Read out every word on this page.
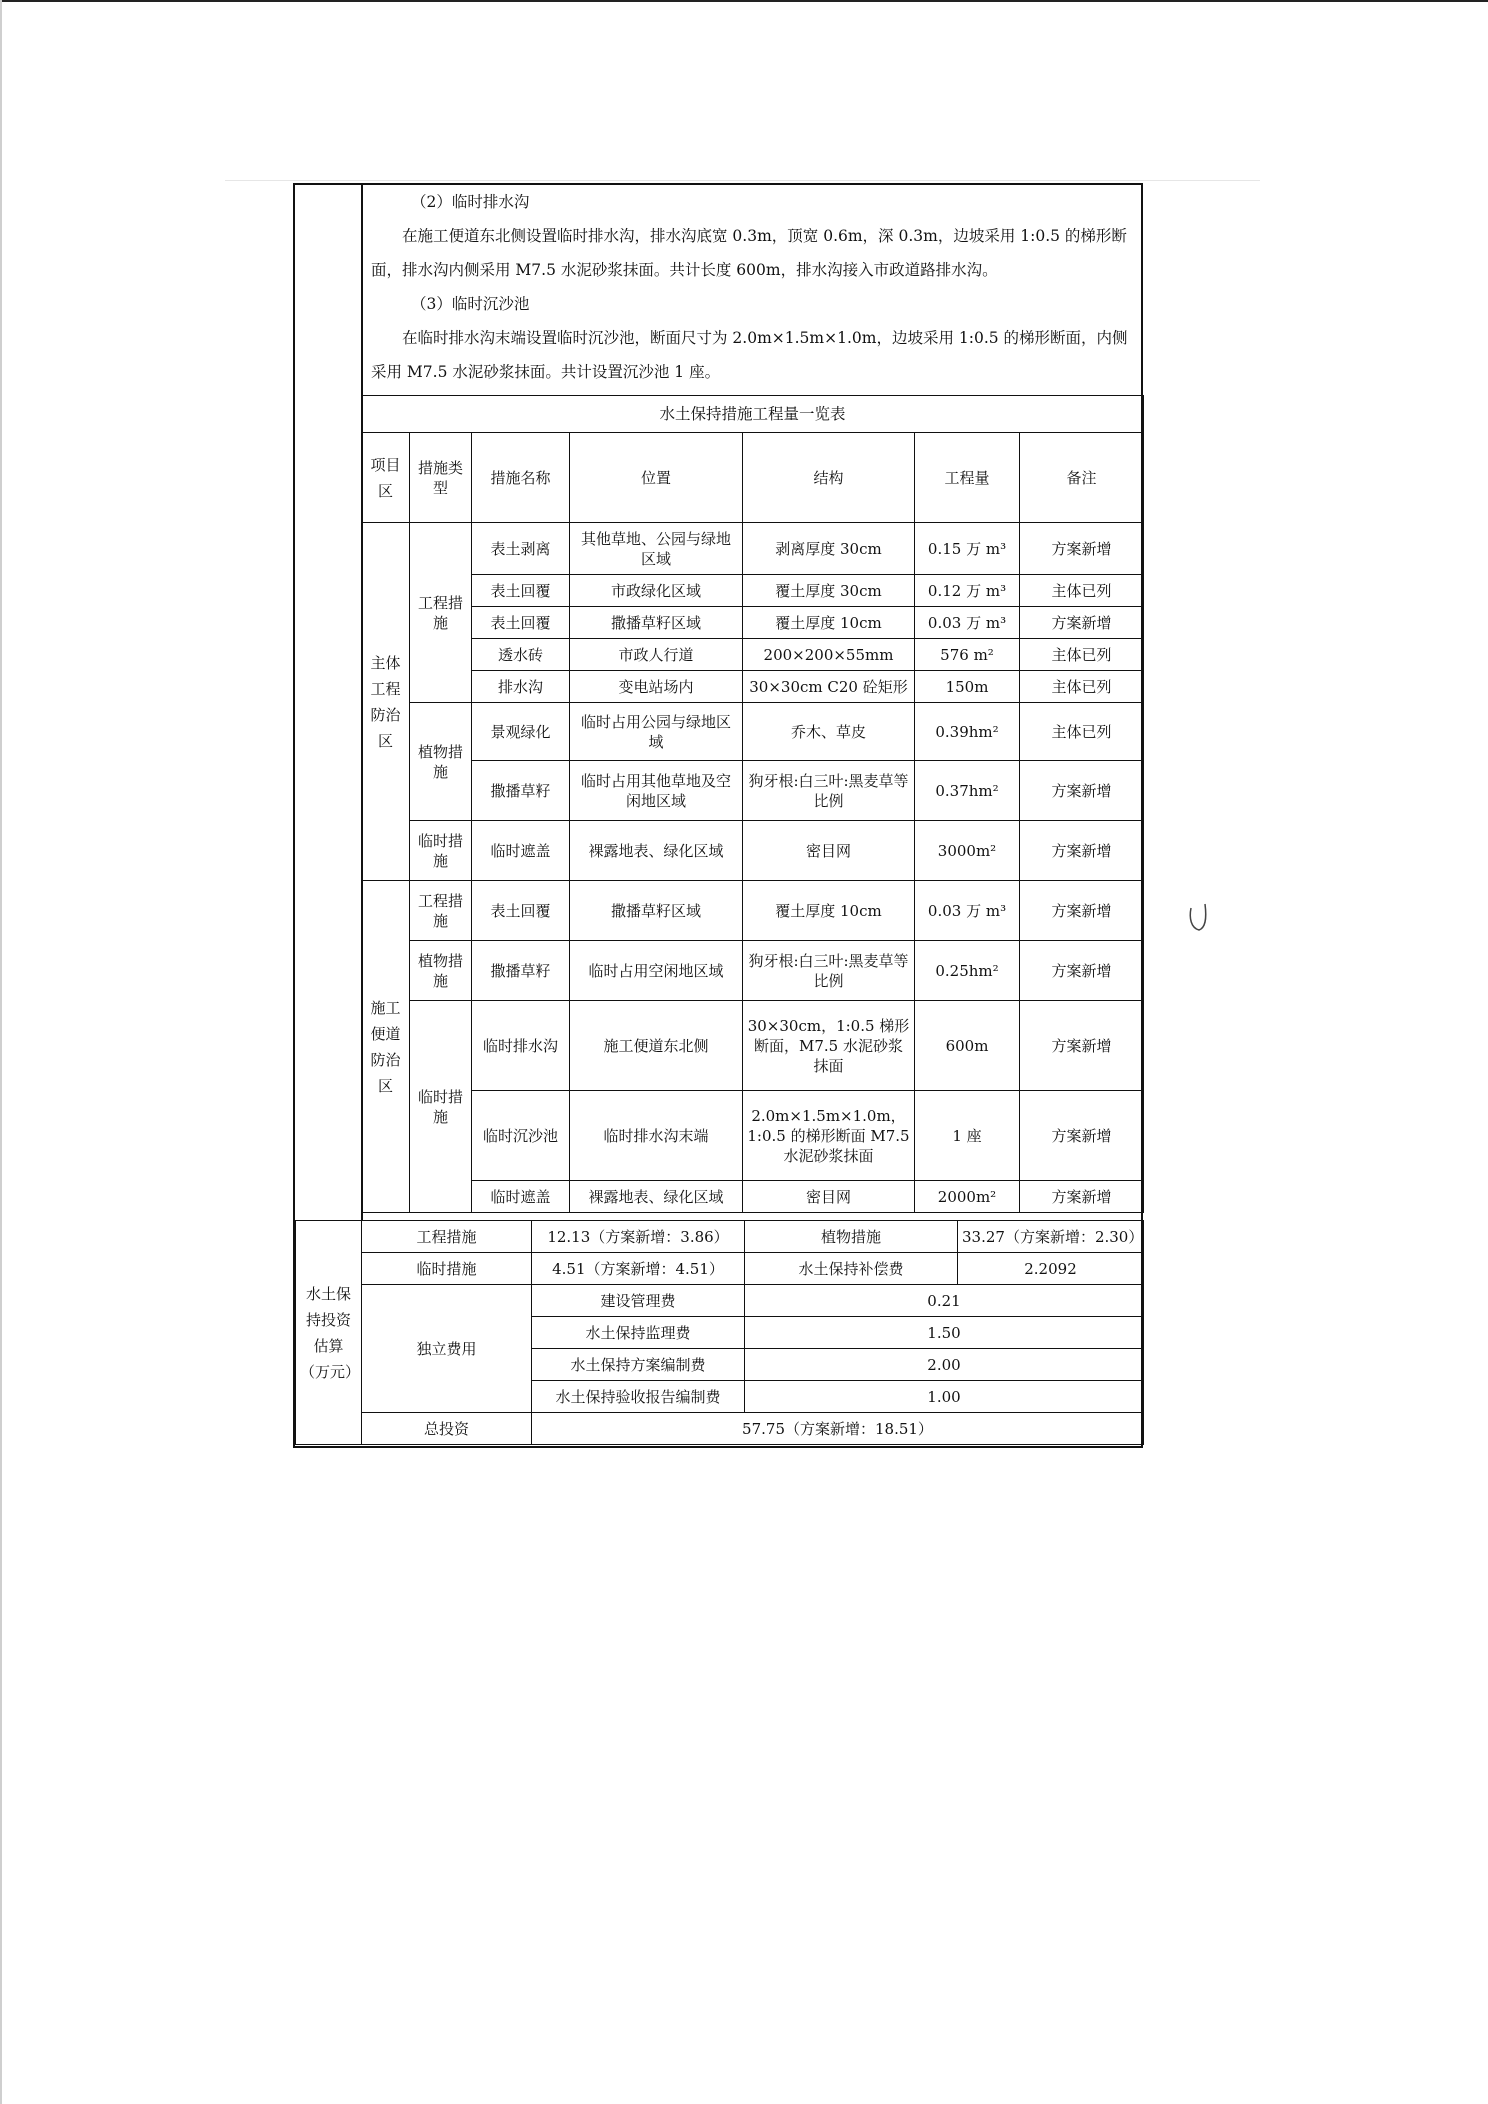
（2）临时排水沟

在施工便道东北侧设置临时排水沟，排水沟底宽 0.3m，顶宽 0.6m，深 0.3m，边坡采用 1:0.5 的梯形断面，排水沟内侧采用 M7.5 水泥砂浆抹面。共计长度 600m，排水沟接入市政道路排水沟。

（3）临时沉沙池

在临时排水沟末端设置临时沉沙池，断面尺寸为 2.0m×1.5m×1.0m，边坡采用 1:0.5 的梯形断面，内侧采用 M7.5 水泥砂浆抹面。共计设置沉沙池 1 座。

水土保持措施工程量一览表						
项目区	措施类型	措施名称	位置	结构	工程量	备注
主体工程防治区	工程措施	表土剥离	其他草地、公园与绿地区域	剥离厚度 30cm	0.15 万 m³	方案新增
		表土回覆	市政绿化区域	覆土厚度 30cm	0.12 万 m³	主体已列
		表土回覆	撒播草籽区域	覆土厚度 10cm	0.03 万 m³	方案新增
		透水砖	市政人行道	200×200×55mm	576 m²	主体已列
		排水沟	变电站场内	30×30cm C20 砼矩形	150m	主体已列
	植物措施	景观绿化	临时占用公园与绿地区域	乔木、草皮	0.39hm²	主体已列
		撒播草籽	临时占用其他草地及空闲地区域	狗牙根:白三叶:黑麦草等比例	0.37hm²	方案新增
	临时措施	临时遮盖	裸露地表、绿化区域	密目网	3000m²	方案新增
施工便道防治区	工程措施	表土回覆	撒播草籽区域	覆土厚度 10cm	0.03 万 m³	方案新增
	植物措施	撒播草籽	临时占用空闲地区域	狗牙根:白三叶:黑麦草等比例	0.25hm²	方案新增
	临时措施	临时排水沟	施工便道东北侧	30×30cm，1:0.5 梯形断面，M7.5 水泥砂浆抹面	600m	方案新增
		临时沉沙池	临时排水沟末端	2.0m×1.5m×1.0m，1:0.5 的梯形断面 M7.5 水泥砂浆抹面	1 座	方案新增
		临时遮盖	裸露地表、绿化区域	密目网	2000m²	方案新增
水土保持投资估算（万元）	工程措施	12.13（方案新增：3.86）	植物措施	33.27（方案新增：2.30）
	临时措施	4.51（方案新增：4.51）	水土保持补偿费	2.2092
	独立费用	建设管理费	0.21	
		水土保持监理费	1.50	
		水土保持方案编制费	2.00	
		水土保持验收报告编制费	1.00	
	总投资	57.75（方案新增：18.51）		
